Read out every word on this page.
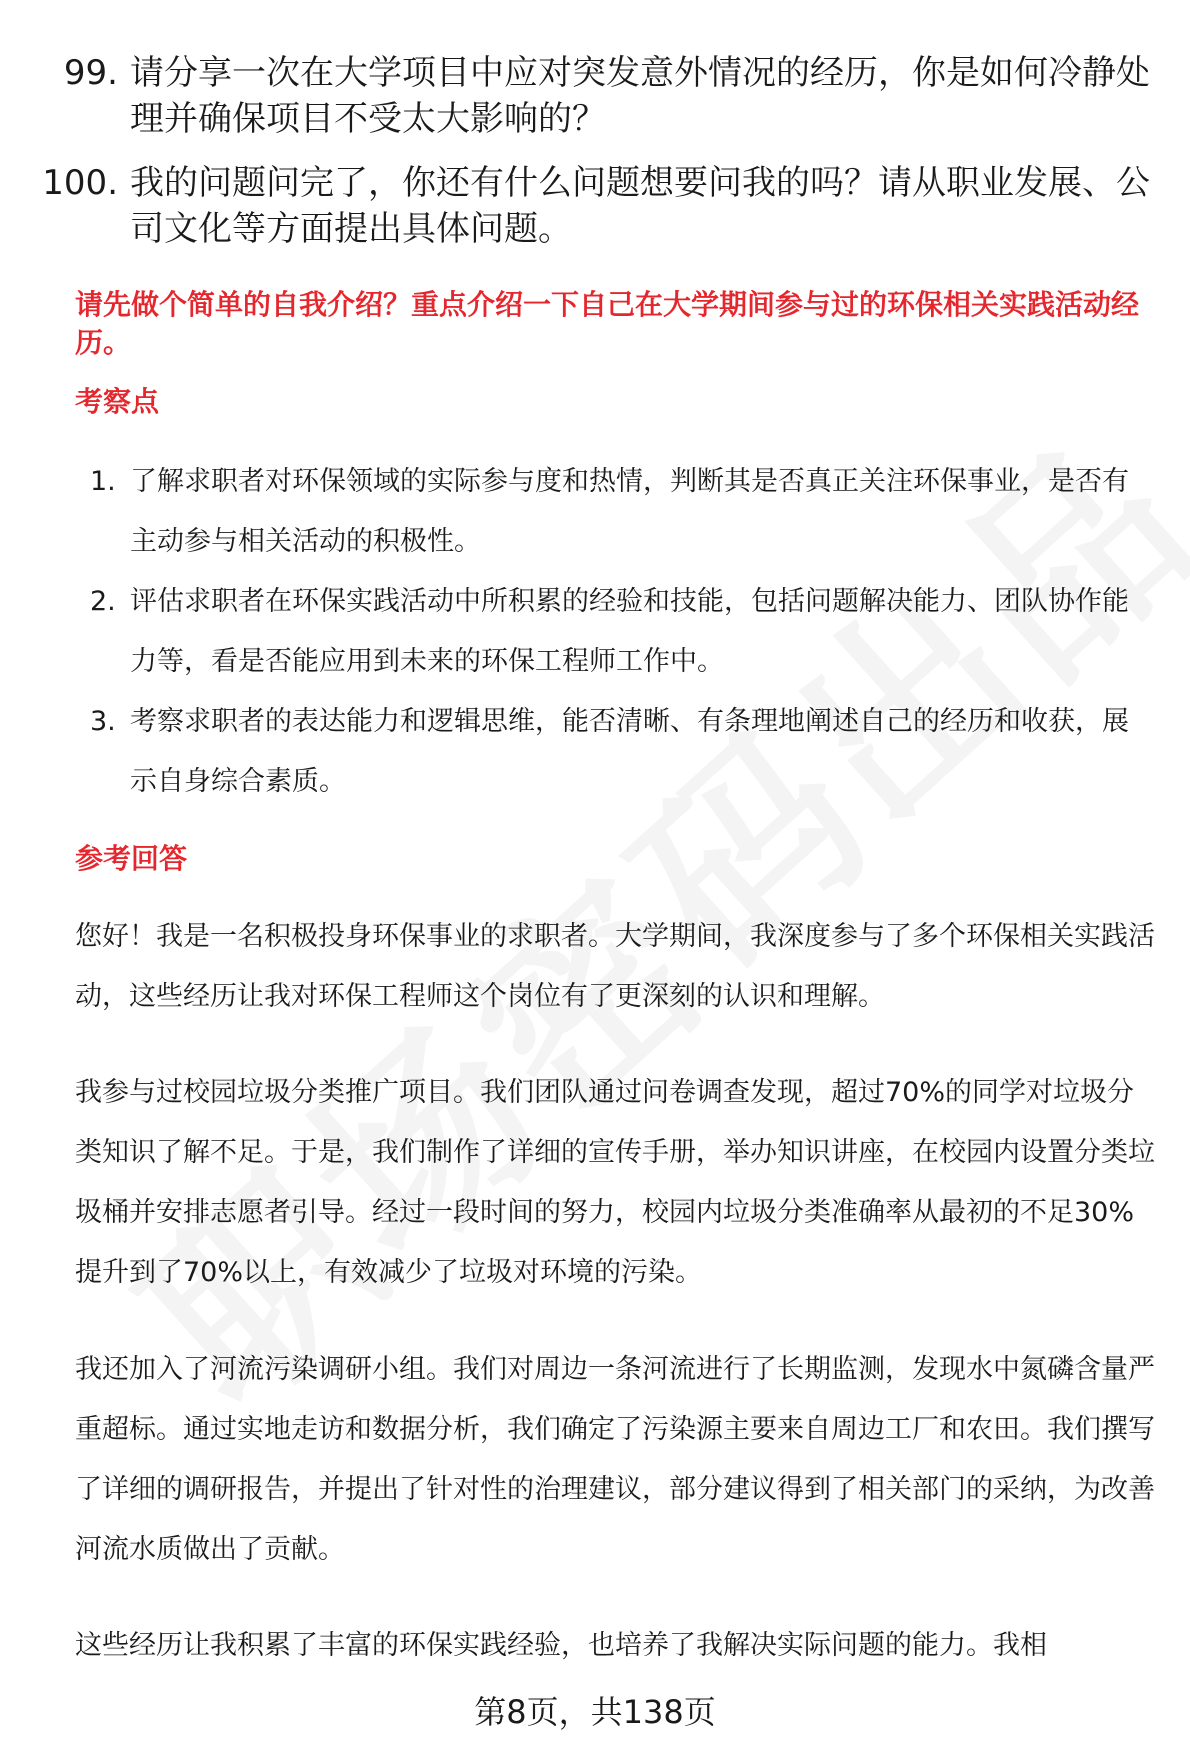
99. 请分享一次在大学项目中应对突发意外情况的经历，你是如何冷静处理并确保项目不受太大影响的？
100. 我的问题问完了，你还有什么问题想要问我的吗？请从职业发展、公司文化等方面提出具体问题。
请先做个简单的自我介绍？重点介绍一下自己在大学期间参与过的环保相关实践活动经历。
考察点
1. 了解求职者对环保领域的实际参与度和热情，判断其是否真正关注环保事业，是否有主动参与相关活动的积极性。
2. 评估求职者在环保实践活动中所积累的经验和技能，包括问题解决能力、团队协作能力等，看是否能应用到未来的环保工程师工作中。
3. 考察求职者的表达能力和逻辑思维，能否清晰、有条理地阐述自己的经历和收获，展示自身综合素质。
参考回答
您好！我是一名积极投身环保事业的求职者。大学期间，我深度参与了多个环保相关实践活动，这些经历让我对环保工程师这个岗位有了更深刻的认识和理解。
我参与过校园垃圾分类推广项目。我们团队通过问卷调查发现，超过70%的同学对垃圾分类知识了解不足。于是，我们制作了详细的宣传手册，举办知识讲座，在校园内设置分类垃圾桶并安排志愿者引导。经过一段时间的努力，校园内垃圾分类准确率从最初的不足30%提升到了70%以上，有效减少了垃圾对环境的污染。
我还加入了河流污染调研小组。我们对周边一条河流进行了长期监测，发现水中氮磷含量严重超标。通过实地走访和数据分析，我们确定了污染源主要来自周边工厂和农田。我们撰写了详细的调研报告，并提出了针对性的治理建议，部分建议得到了相关部门的采纳，为改善河流水质做出了贡献。
这些经历让我积累了丰富的环保实践经验，也培养了我解决实际问题的能力。我相
第8页，共138页
